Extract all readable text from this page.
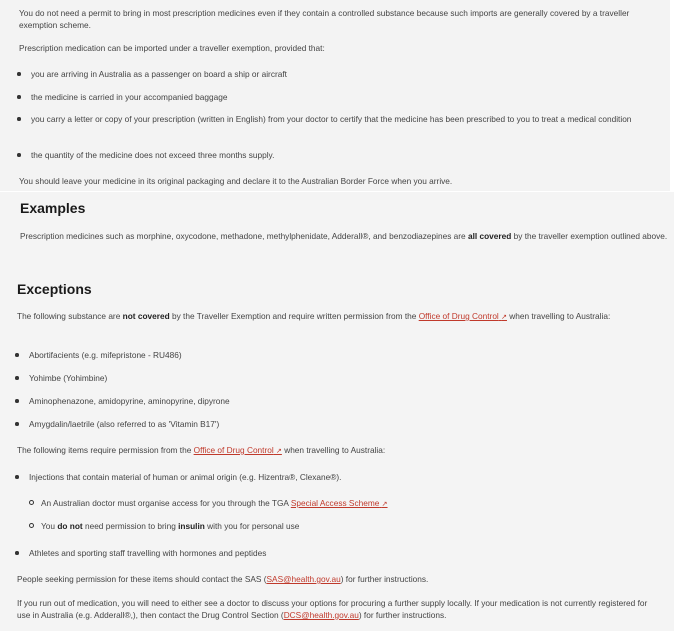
You do not need a permit to bring in most prescription medicines even if they contain a controlled substance because such imports are generally covered by a traveller exemption scheme.
Prescription medication can be imported under a traveller exemption, provided that:
you are arriving in Australia as a passenger on board a ship or aircraft
the medicine is carried in your accompanied baggage
you carry a letter or copy of your prescription (written in English) from your doctor to certify that the medicine has been prescribed to you to treat a medical condition
the quantity of the medicine does not exceed three months supply.
You should leave your medicine in its original packaging and declare it to the Australian Border Force when you arrive.
Examples
Prescription medicines such as morphine, oxycodone, methadone, methylphenidate, Adderall®, and benzodiazepines are all covered by the traveller exemption outlined above.
Exceptions
The following substance are not covered by the Traveller Exemption and require written permission from the Office of Drug Control ↗ when travelling to Australia:
Abortifacients (e.g. mifepristone - RU486)
Yohimbe (Yohimbine)
Aminophenazone, amidopyrine, aminopyrine, dipyrone
Amygdalin/laetrile (also referred to as 'Vitamin B17')
The following items require permission from the Office of Drug Control ↗ when travelling to Australia:
Injections that contain material of human or animal origin (e.g. Hizentra®, Clexane®).
An Australian doctor must organise access for you through the TGA Special Access Scheme ↗
You do not need permission to bring insulin with you for personal use
Athletes and sporting staff travelling with hormones and peptides
People seeking permission for these items should contact the SAS (SAS@health.gov.au) for further instructions.
If you run out of medication, you will need to either see a doctor to discuss your options for procuring a further supply locally. If your medication is not currently registered for use in Australia (e.g. Adderall®,), then contact the Drug Control Section (DCS@health.gov.au) for further instructions.
